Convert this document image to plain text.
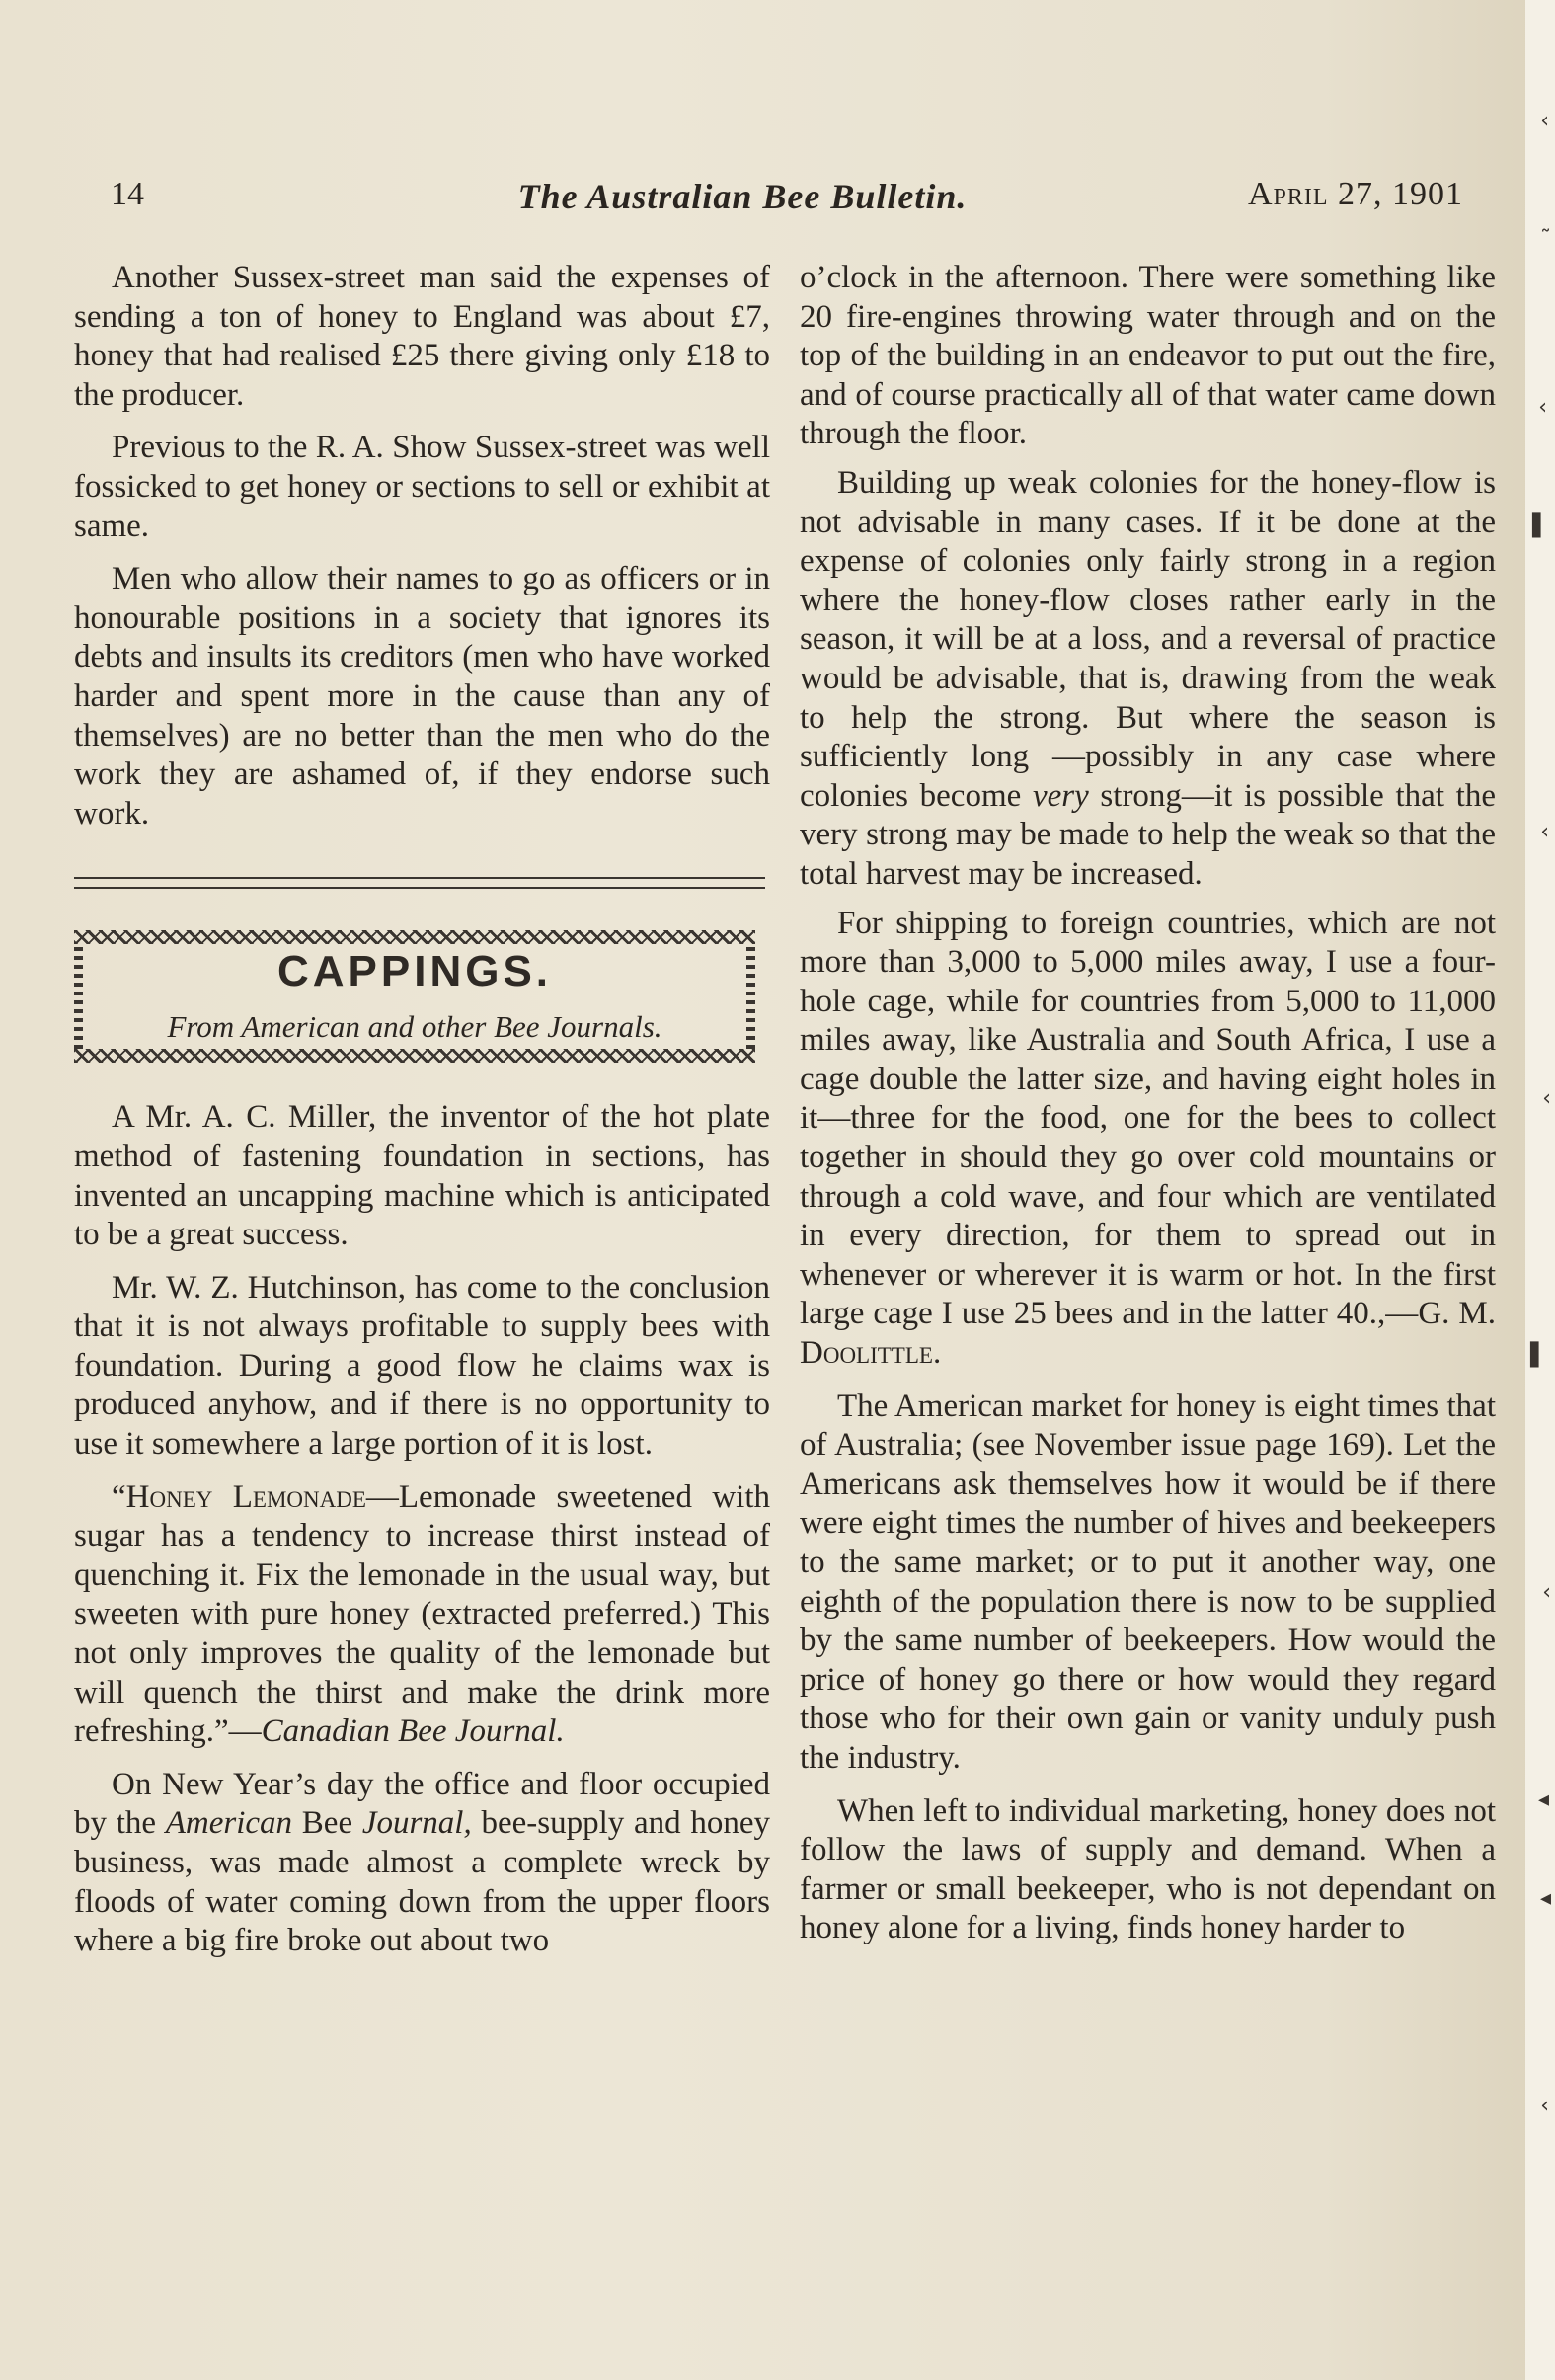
‹
˜
‹
▌
‹
‹
▌
‹
◂
◂
‹
14	The Australian Bee Bulletin.	April 27, 1901

Another Sussex-street man said the expenses of sending a ton of honey to England was about £7, honey that had realised £25 there giving only £18 to the producer.

Previous to the R. A. Show Sussex-street was well fossicked to get honey or sections to sell or exhibit at same.

Men who allow their names to go as officers or in honourable positions in a society that ignores its debts and insults its creditors (men who have worked harder and spent more in the cause than any of themselves) are no better than the men who do the work they are ashamed of, if they endorse such work.

CAPPINGS.
From American and other Bee Journals.

A Mr. A. C. Miller, the inventor of the hot plate method of fastening foundation in sections, has invented an uncapping machine which is anticipated to be a great success.

Mr. W. Z. Hutchinson, has come to the conclusion that it is not always profitable to supply bees with foundation. During a good flow he claims wax is produced anyhow, and if there is no opportunity to use it somewhere a large portion of it is lost.

“Honey Lemonade—Lemonade sweetened with sugar has a tendency to increase thirst instead of quenching it. Fix the lemonade in the usual way, but sweeten with pure honey (extracted preferred.) This not only improves the quality of the lemonade but will quench the thirst and make the drink more refreshing.”—Canadian Bee Journal.

On New Year’s day the office and floor occupied by the American Bee Journal, bee-supply and honey business, was made almost a complete wreck by floods of water coming down from the upper floors where a big fire broke out about two

o’clock in the afternoon. There were something like 20 fire-engines throwing water through and on the top of the building in an endeavor to put out the fire, and of course practically all of that water came down through the floor.

Building up weak colonies for the honey-flow is not advisable in many cases. If it be done at the expense of colonies only fairly strong in a region where the honey-flow closes rather early in the season, it will be at a loss, and a reversal of practice would be advisable, that is, drawing from the weak to help the strong. But where the season is sufficiently long —possibly in any case where colonies become very strong—it is possible that the very strong may be made to help the weak so that the total harvest may be increased.

For shipping to foreign countries, which are not more than 3,000 to 5,000 miles away, I use a four-hole cage, while for countries from 5,000 to 11,000 miles away, like Australia and South Africa, I use a cage double the latter size, and having eight holes in it—three for the food, one for the bees to collect together in should they go over cold mountains or through a cold wave, and four which are ventilated in every direction, for them to spread out in whenever or wherever it is warm or hot. In the first large cage I use 25 bees and in the latter 40.,—G. M. Doolittle.

The American market for honey is eight times that of Australia; (see November issue page 169). Let the Americans ask themselves how it would be if there were eight times the number of hives and beekeepers to the same market; or to put it another way, one eighth of the population there is now to be supplied by the same number of beekeepers. How would the price of honey go there or how would they regard those who for their own gain or vanity unduly push the industry.

When left to individual marketing, honey does not follow the laws of supply and demand. When a farmer or small beekeeper, who is not dependant on honey alone for a living, finds honey harder to
